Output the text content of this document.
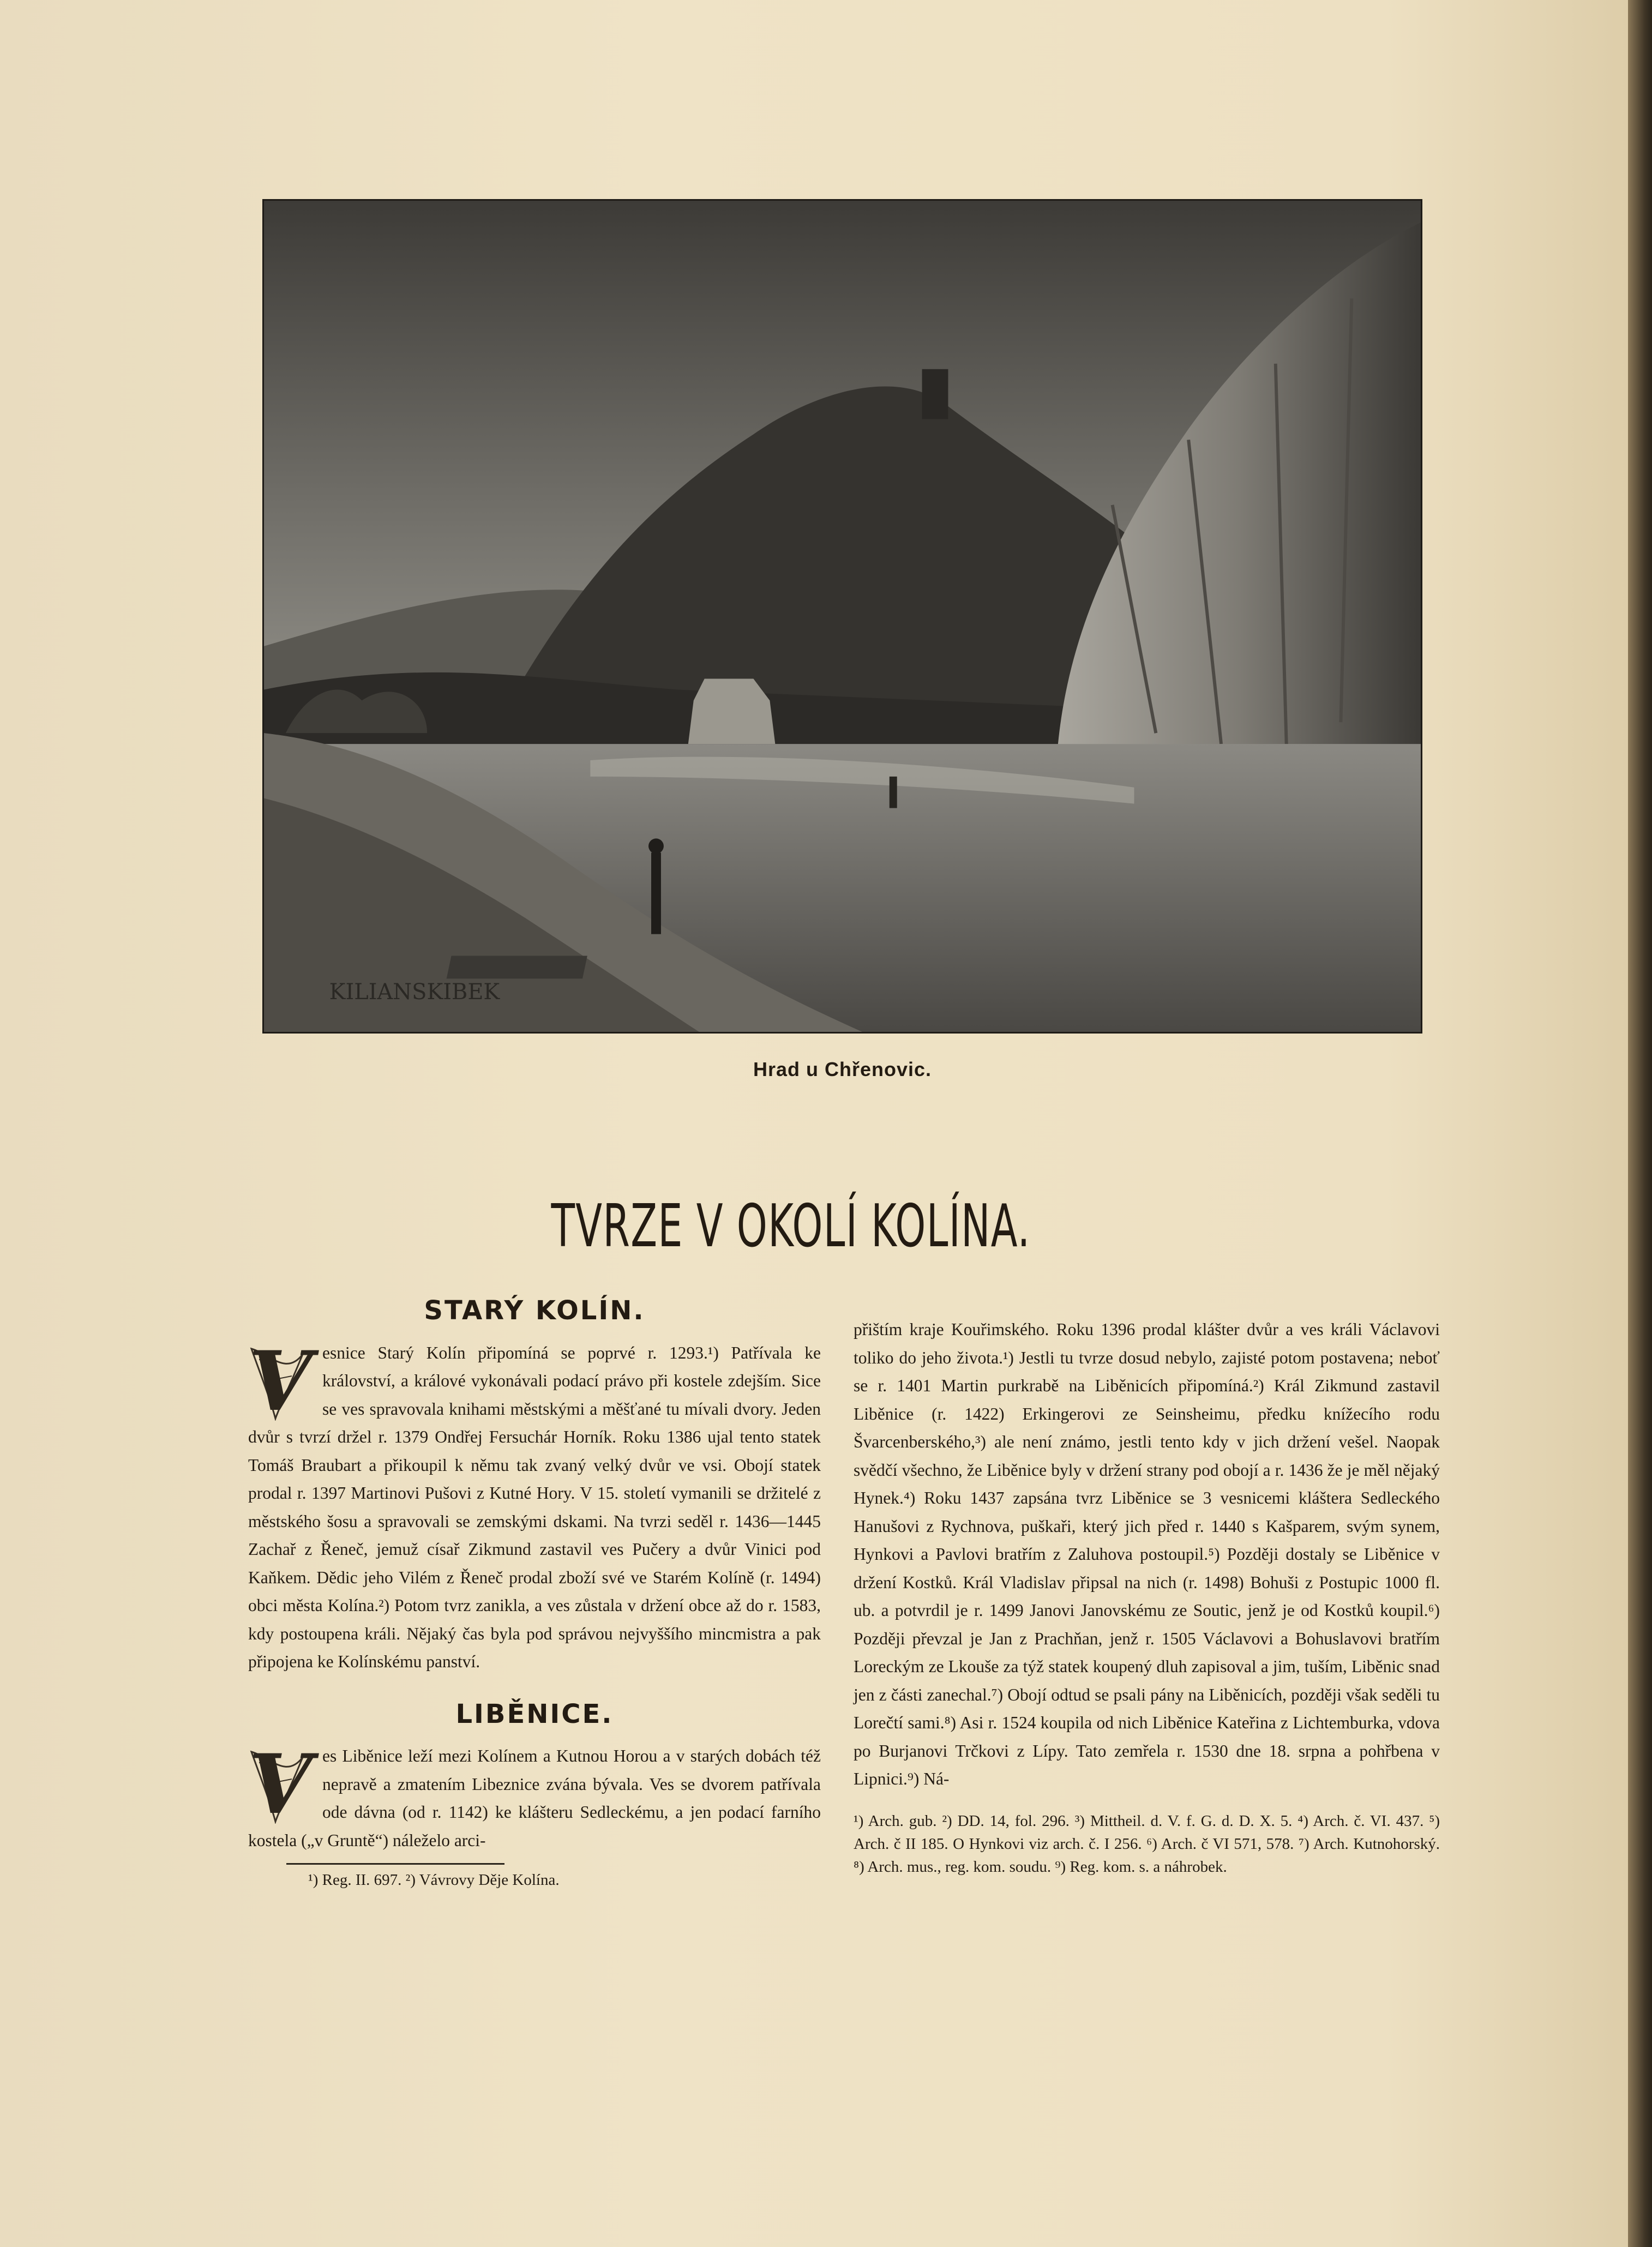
KILIANSKIBEK
Hrad u Chřenovic.
TVRZE V OKOLÍ KOLÍNA.
STARÝ KOLÍN.

V esnice Starý Kolín připomíná se poprvé r. 1293.¹) Patřívala ke království, a králové vykonávali podací právo při kostele zdejším. Sice se ves spravovala knihami městskými a měšťané tu mívali dvory. Jeden dvůr s tvrzí držel r. 1379 Ondřej Fersuchár Horník. Roku 1386 ujal tento statek Tomáš Braubart a přikoupil k němu tak zvaný velký dvůr ve vsi. Obojí statek prodal r. 1397 Martinovi Pušovi z Kutné Hory. V 15. století vymanili se držitelé z městského šosu a spravovali se zemskými dskami. Na tvrzi seděl r. 1436—1445 Zachař z Řeneč, jemuž císař Zikmund zastavil ves Pučery a dvůr Vinici pod Kaňkem. Dědic jeho Vilém z Řeneč prodal zboží své ve Starém Kolíně (r. 1494) obci města Kolína.²) Potom tvrz zanikla, a ves zůstala v držení obce až do r. 1583, kdy postoupena králi. Nějaký čas byla pod správou nejvyššího mincmistra a pak připojena ke Kolínskému panství.

LIBĚNICE.

V es Liběnice leží mezi Kolínem a Kutnou Horou a v starých dobách též nepravě a zmatením Libeznice zvána bývala. Ves se dvorem patřívala ode dávna (od r. 1142) ke klášteru Sedleckému, a jen podací farního kostela („v Gruntě“) náleželo arci-

¹) Reg. II. 697. ²) Vávrovy Děje Kolína.

přištím kraje Kouřimského. Roku 1396 prodal klášter dvůr a ves králi Václavovi toliko do jeho života.¹) Jestli tu tvrze dosud nebylo, zajisté potom postavena; neboť se r. 1401 Martin purkrabě na Liběnicích připomíná.²) Král Zikmund zastavil Liběnice (r. 1422) Erkingerovi ze Seinsheimu, předku knížecího rodu Švarcenberského,³) ale není známo, jestli tento kdy v jich držení vešel. Naopak svědčí všechno, že Liběnice byly v držení strany pod obojí a r. 1436 že je měl nějaký Hynek.⁴) Roku 1437 zapsána tvrz Liběnice se 3 vesnicemi kláštera Sedleckého Hanušovi z Rychnova, puškaři, který jich před r. 1440 s Kašparem, svým synem, Hynkovi a Pavlovi bratřím z Zaluhova postoupil.⁵) Později dostaly se Liběnice v držení Kostků. Král Vladislav připsal na nich (r. 1498) Bohuši z Postupic 1000 fl. ub. a potvrdil je r. 1499 Janovi Janovskému ze Soutic, jenž je od Kostků koupil.⁶) Později převzal je Jan z Prachňan, jenž r. 1505 Václavovi a Bohuslavovi bratřím Loreckým ze Lkouše za týž statek koupený dluh zapisoval a jim, tuším, Liběnic snad jen z části zanechal.⁷) Obojí odtud se psali pány na Liběnicích, později však seděli tu Lorečtí sami.⁸) Asi r. 1524 koupila od nich Liběnice Kateřina z Lichtemburka, vdova po Burjanovi Trčkovi z Lípy. Tato zemřela r. 1530 dne 18. srpna a pohřbena v Lipnici.⁹) Ná-

¹) Arch. gub. ²) DD. 14, fol. 296. ³) Mittheil. d. V. f. G. d. D. X. 5. ⁴) Arch. č. VI. 437. ⁵) Arch. č II 185. O Hynkovi viz arch. č. I 256. ⁶) Arch. č VI 571, 578. ⁷) Arch. Kutnohorský. ⁸) Arch. mus., reg. kom. soudu. ⁹) Reg. kom. s. a náhrobek.
